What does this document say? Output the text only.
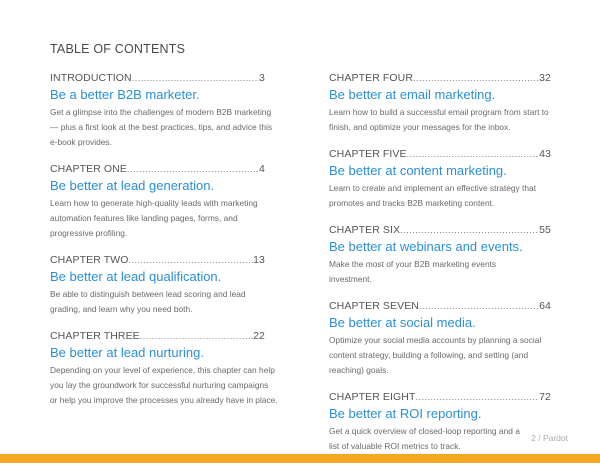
TABLE OF CONTENTS
INTRODUCTION .....	3
Be a better B2B marketer.
Get a glimpse into the challenges of modern B2B marketing — plus a first look at the best practices, tips, and advice this e-book provides.
CHAPTER ONE .....	4
Be better at lead generation.
Learn how to generate high-quality leads with marketing automation features like landing pages, forms, and progressive profiling.
CHAPTER TWO .....	13
Be better at lead qualification.
Be able to distinguish between lead scoring and lead grading, and learn why you need both.
CHAPTER THREE .....	22
Be better at lead nurturing.
Depending on your level of experience, this chapter can help you lay the groundwork for successful nurturing campaigns or help you improve the processes you already have in place.
CHAPTER FOUR .....	32
Be better at email marketing.
Learn how to build a successful email program from start to finish, and optimize your messages for the inbox.
CHAPTER FIVE .....	43
Be better at content marketing.
Learn to create and implement an effective strategy that promotes and tracks B2B marketing content.
CHAPTER SIX .....	55
Be better at webinars and events.
Make the most of your B2B marketing events investment.
CHAPTER SEVEN .....	64
Be better at social media.
Optimize your social media accounts by planning a social content strategy, building a following, and setting (and reaching) goals.
CHAPTER EIGHT .....	72
Be better at ROI reporting.
Get a quick overview of closed-loop reporting and a list of valuable ROI metrics to track.
2 / Pardot
